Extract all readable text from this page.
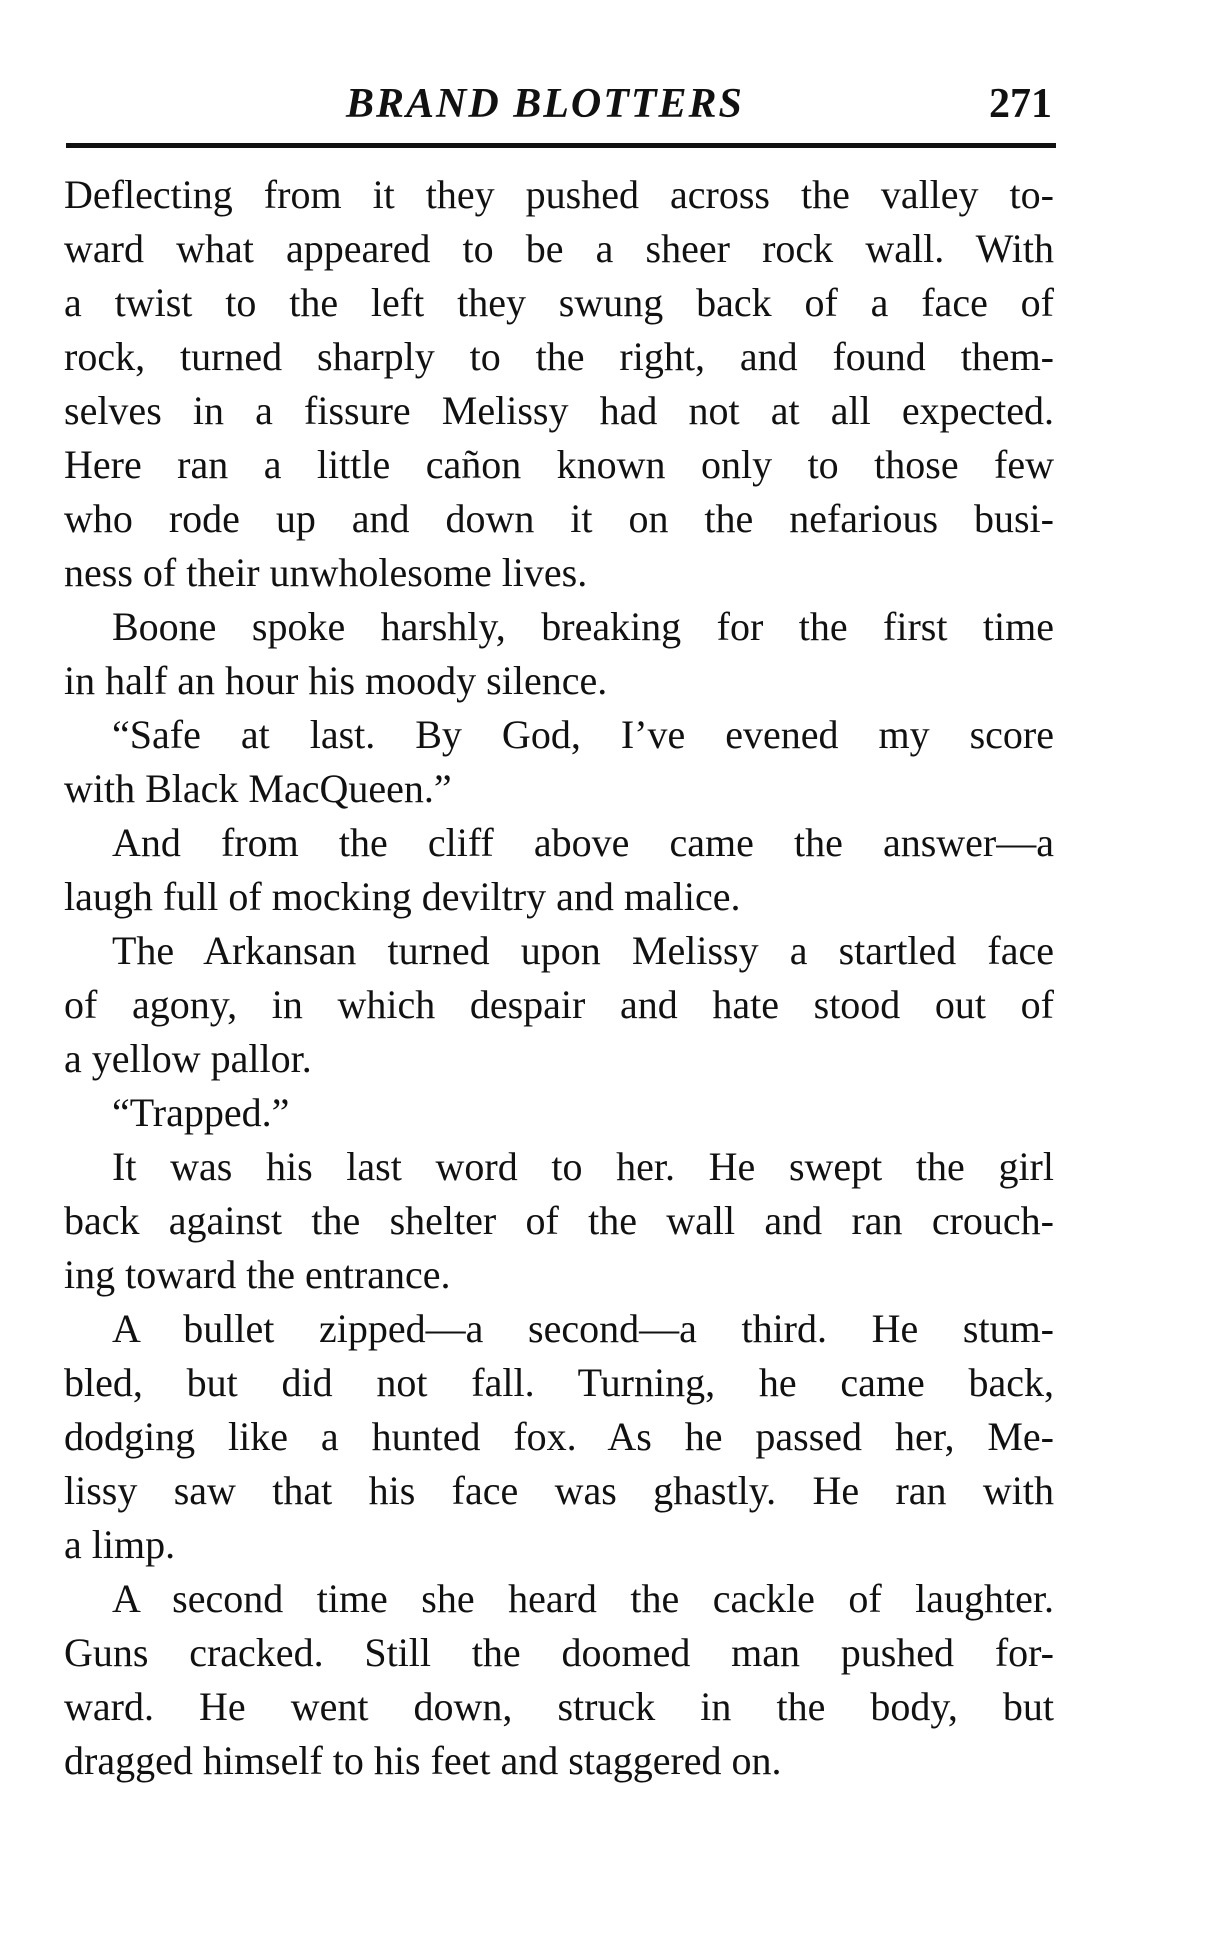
BRAND BLOTTERS	271
Deflecting from it they pushed across the valley to-
ward what appeared to be a sheer rock wall. With
a twist to the left they swung back of a face of
rock, turned sharply to the right, and found them-
selves in a fissure Melissy had not at all expected.
Here ran a little cañon known only to those few
who rode up and down it on the nefarious busi-
ness of their unwholesome lives.
Boone spoke harshly, breaking for the first time
in half an hour his moody silence.
“Safe at last. By God, I’ve evened my score
with Black MacQueen.”
And from the cliff above came the answer—a
laugh full of mocking deviltry and malice.
The Arkansan turned upon Melissy a startled face
of agony, in which despair and hate stood out of
a yellow pallor.
“Trapped.”
It was his last word to her. He swept the girl
back against the shelter of the wall and ran crouch-
ing toward the entrance.
A bullet zipped—a second—a third. He stum-
bled, but did not fall. Turning, he came back,
dodging like a hunted fox. As he passed her, Me-
lissy saw that his face was ghastly. He ran with
a limp.
A second time she heard the cackle of laughter.
Guns cracked. Still the doomed man pushed for-
ward. He went down, struck in the body, but
dragged himself to his feet and staggered on.
